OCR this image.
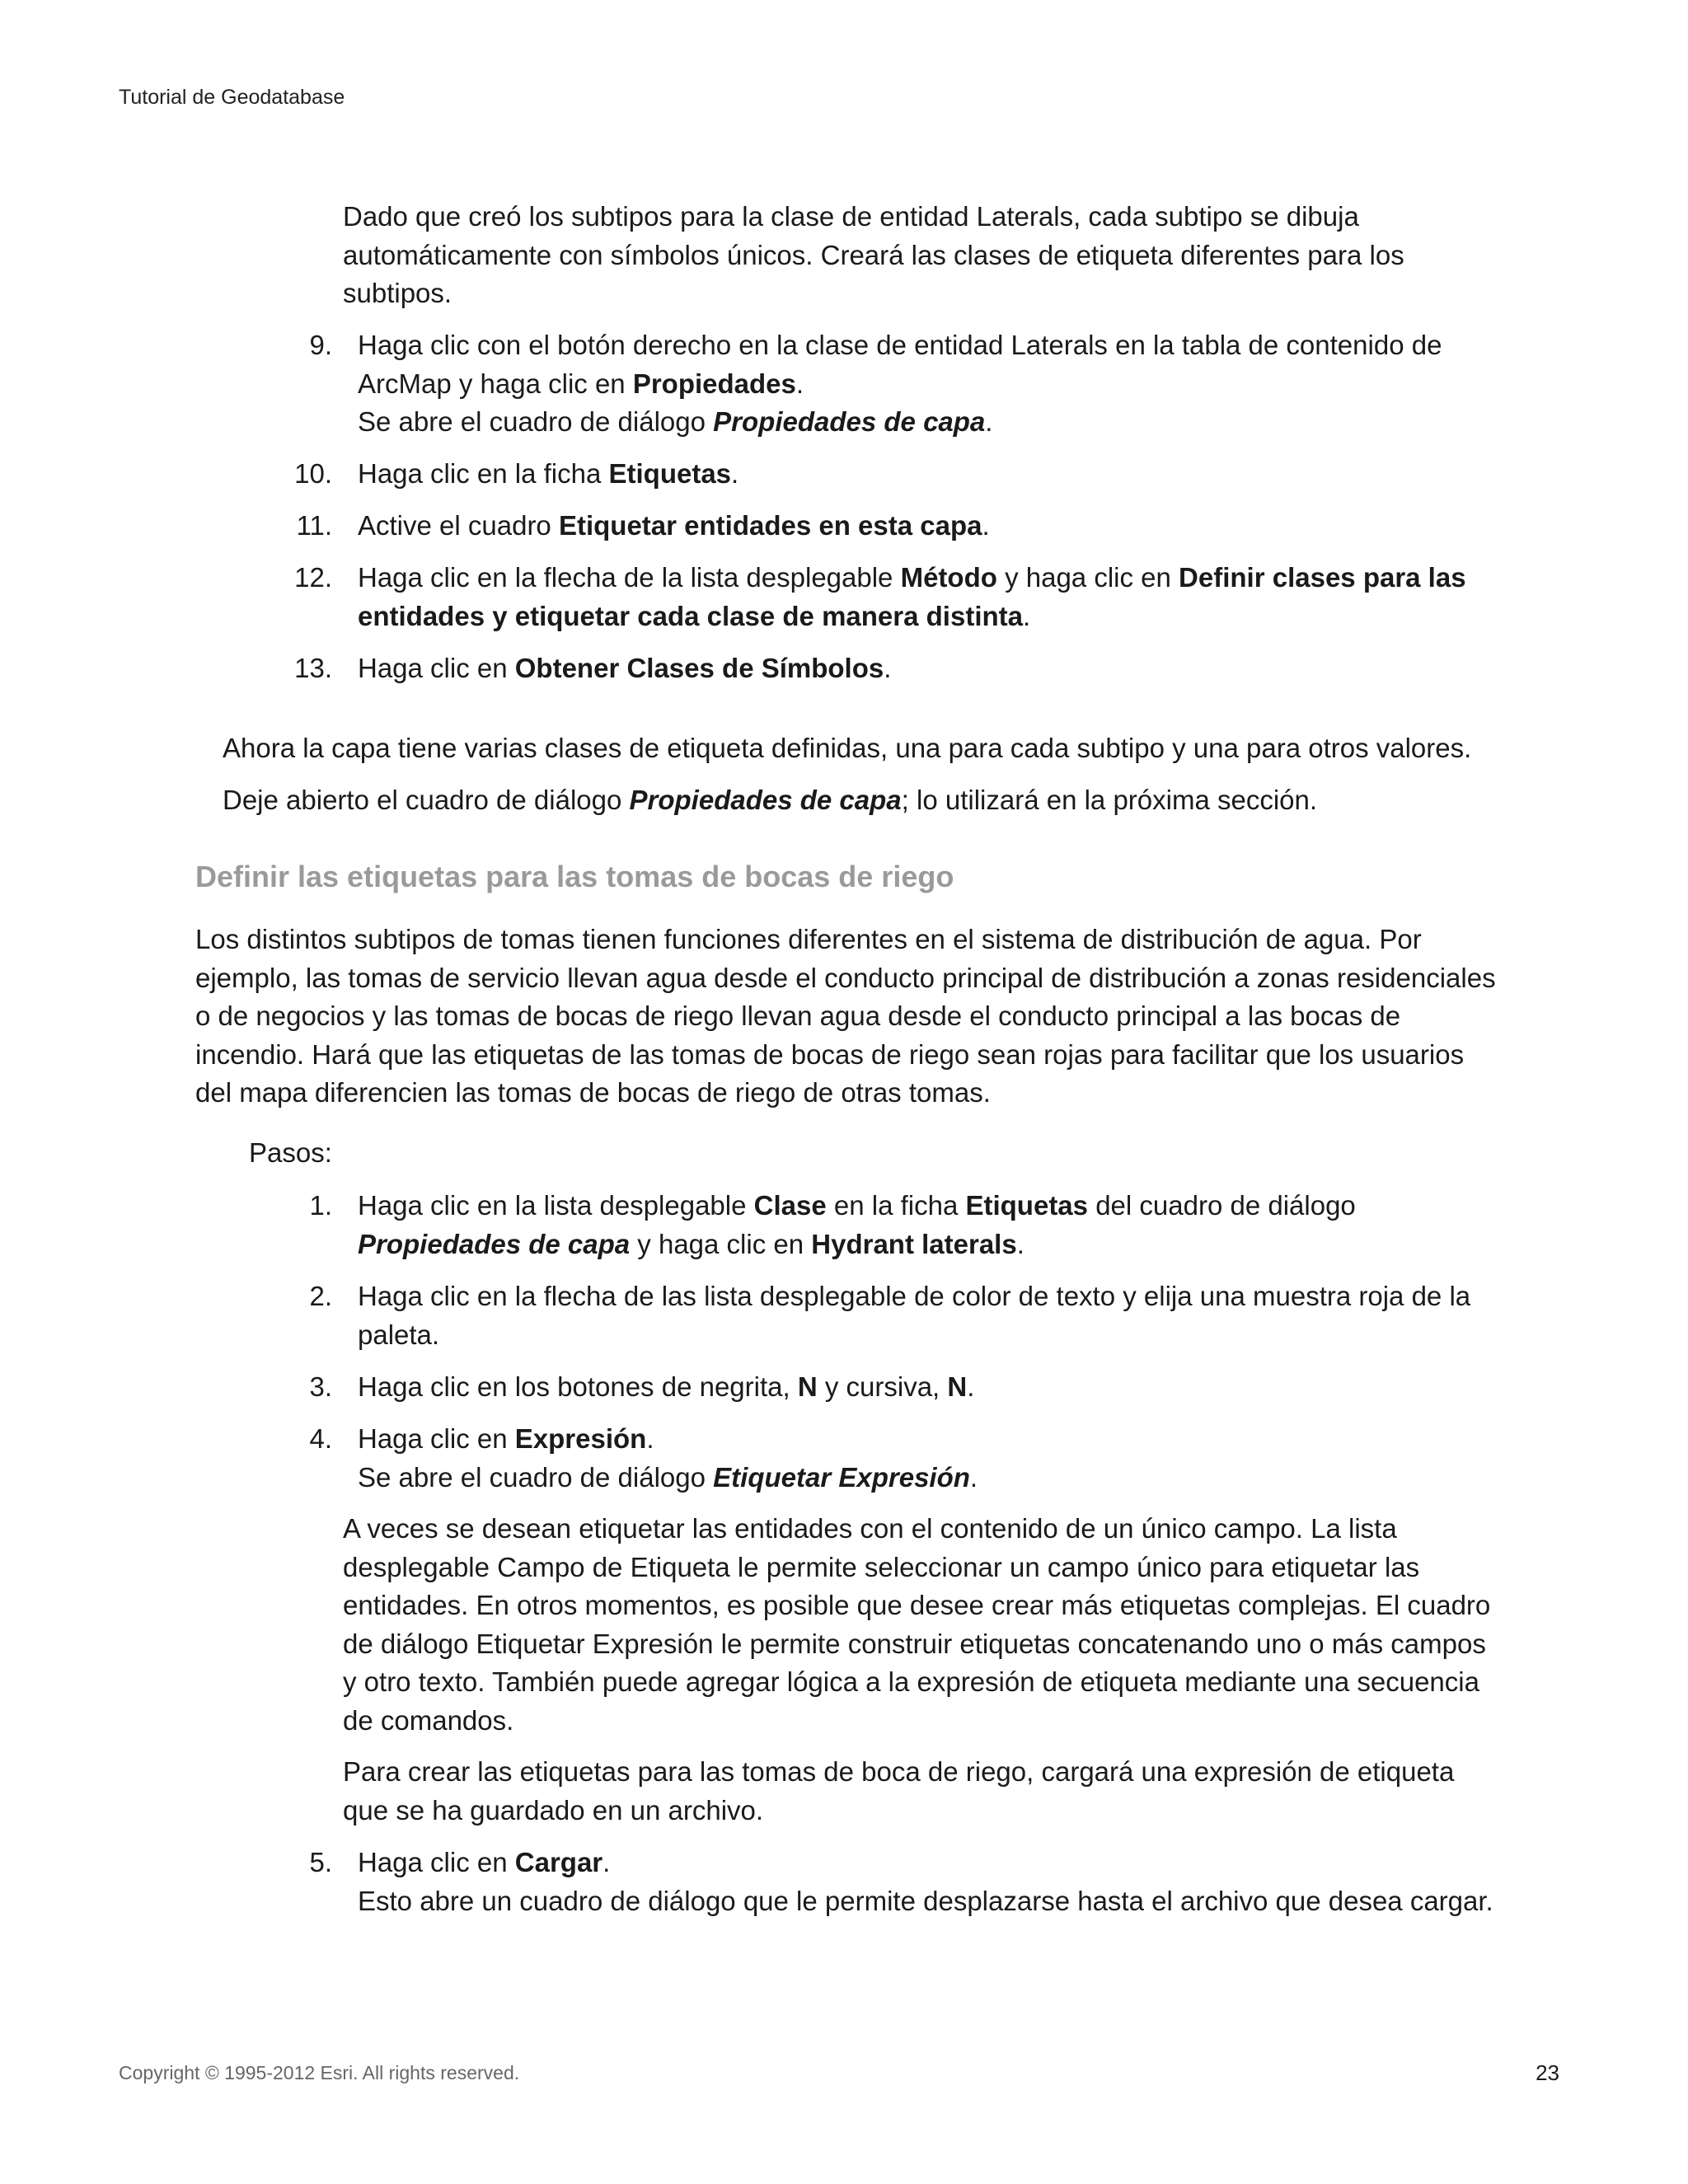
Tutorial de Geodatabase
Dado que creó los subtipos para la clase de entidad Laterals, cada subtipo se dibuja
automáticamente con símbolos únicos. Creará las clases de etiqueta diferentes para los
subtipos.
9. Haga clic con el botón derecho en la clase de entidad Laterals en la tabla de contenido de
ArcMap y haga clic en Propiedades.
Se abre el cuadro de diálogo Propiedades de capa.
10. Haga clic en la ficha Etiquetas.
11. Active el cuadro Etiquetar entidades en esta capa.
12. Haga clic en la flecha de la lista desplegable Método y haga clic en Definir clases para las
entidades y etiquetar cada clase de manera distinta.
13. Haga clic en Obtener Clases de Símbolos.
Ahora la capa tiene varias clases de etiqueta definidas, una para cada subtipo y una para otros valores.
Deje abierto el cuadro de diálogo Propiedades de capa; lo utilizará en la próxima sección.
Definir las etiquetas para las tomas de bocas de riego
Los distintos subtipos de tomas tienen funciones diferentes en el sistema de distribución de agua. Por
ejemplo, las tomas de servicio llevan agua desde el conducto principal de distribución a zonas residenciales
o de negocios y las tomas de bocas de riego llevan agua desde el conducto principal a las bocas de
incendio. Hará que las etiquetas de las tomas de bocas de riego sean rojas para facilitar que los usuarios
del mapa diferencien las tomas de bocas de riego de otras tomas.
Pasos:
1. Haga clic en la lista desplegable Clase en la ficha Etiquetas del cuadro de diálogo
Propiedades de capa y haga clic en Hydrant laterals.
2. Haga clic en la flecha de las lista desplegable de color de texto y elija una muestra roja de la
paleta.
3. Haga clic en los botones de negrita, N y cursiva, N.
4. Haga clic en Expresión.
Se abre el cuadro de diálogo Etiquetar Expresión.
A veces se desean etiquetar las entidades con el contenido de un único campo. La lista
desplegable Campo de Etiqueta le permite seleccionar un campo único para etiquetar las
entidades. En otros momentos, es posible que desee crear más etiquetas complejas. El cuadro
de diálogo Etiquetar Expresión le permite construir etiquetas concatenando uno o más campos
y otro texto. También puede agregar lógica a la expresión de etiqueta mediante una secuencia
de comandos.
Para crear las etiquetas para las tomas de boca de riego, cargará una expresión de etiqueta
que se ha guardado en un archivo.
5. Haga clic en Cargar.
Esto abre un cuadro de diálogo que le permite desplazarse hasta el archivo que desea cargar.
Copyright © 1995-2012 Esri. All rights reserved.	23
